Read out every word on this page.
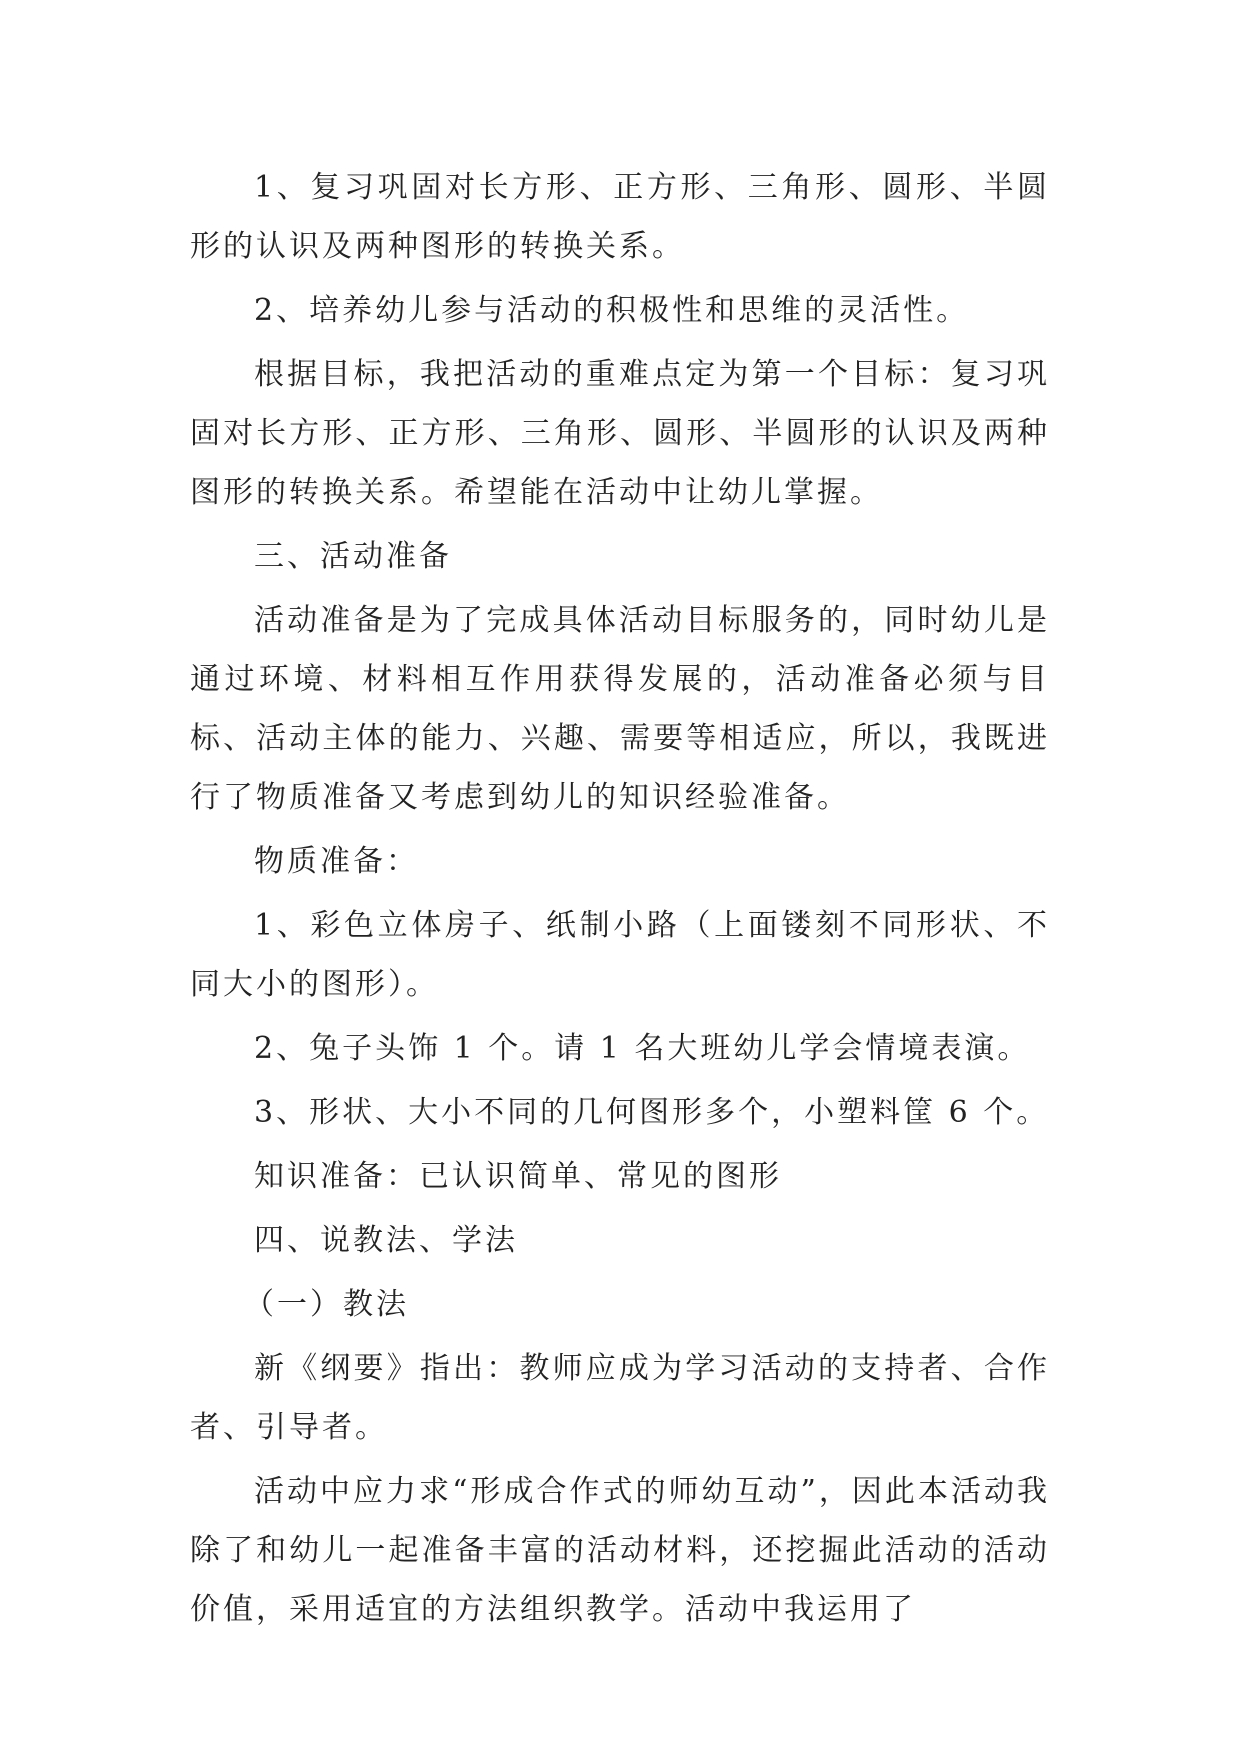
1、复习巩固对长方形、正方形、三角形、圆形、半圆形的认识及两种图形的转换关系。

2、培养幼儿参与活动的积极性和思维的灵活性。

根据目标，我把活动的重难点定为第一个目标：复习巩固对长方形、正方形、三角形、圆形、半圆形的认识及两种图形的转换关系。希望能在活动中让幼儿掌握。

三、活动准备

活动准备是为了完成具体活动目标服务的，同时幼儿是通过环境、材料相互作用获得发展的，活动准备必须与目标、活动主体的能力、兴趣、需要等相适应，所以，我既进行了物质准备又考虑到幼儿的知识经验准备。

物质准备：

1、彩色立体房子、纸制小路（上面镂刻不同形状、不同大小的图形）。

2、兔子头饰 1 个。请 1 名大班幼儿学会情境表演。

3、形状、大小不同的几何图形多个，小塑料筐 6 个。

知识准备：已认识简单、常见的图形

四、说教法、学法

（一）教法

新《纲要》指出：教师应成为学习活动的支持者、合作者、引导者。

活动中应力求“形成合作式的师幼互动”，因此本活动我除了和幼儿一起准备丰富的活动材料，还挖掘此活动的活动价值，采用适宜的方法组织教学。活动中我运用了
